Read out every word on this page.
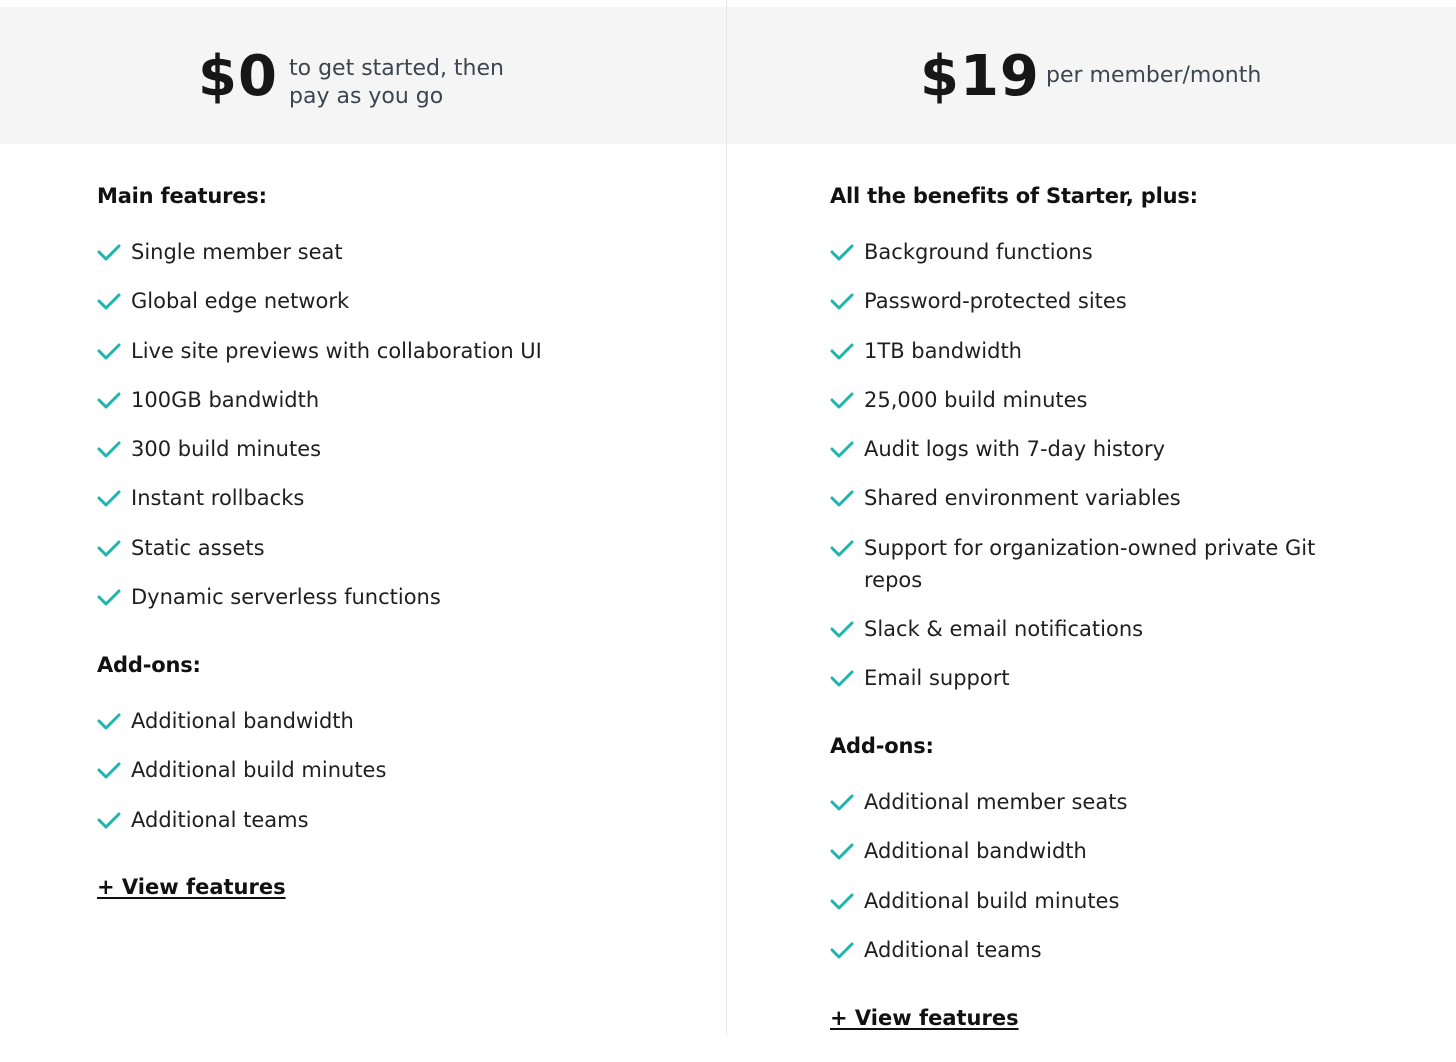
$0 to get started, then pay as you go
Main features:
Single member seat
Global edge network
Live site previews with collaboration UI
100GB bandwidth
300 build minutes
Instant rollbacks
Static assets
Dynamic serverless functions
Add-ons:
Additional bandwidth
Additional build minutes
Additional teams
+ View features
$19 per member/month
All the benefits of Starter, plus:
Background functions
Password-protected sites
1TB bandwidth
25,000 build minutes
Audit logs with 7-day history
Shared environment variables
Support for organization-owned private Git repos
Slack & email notifications
Email support
Add-ons:
Additional member seats
Additional bandwidth
Additional build minutes
Additional teams
+ View features
